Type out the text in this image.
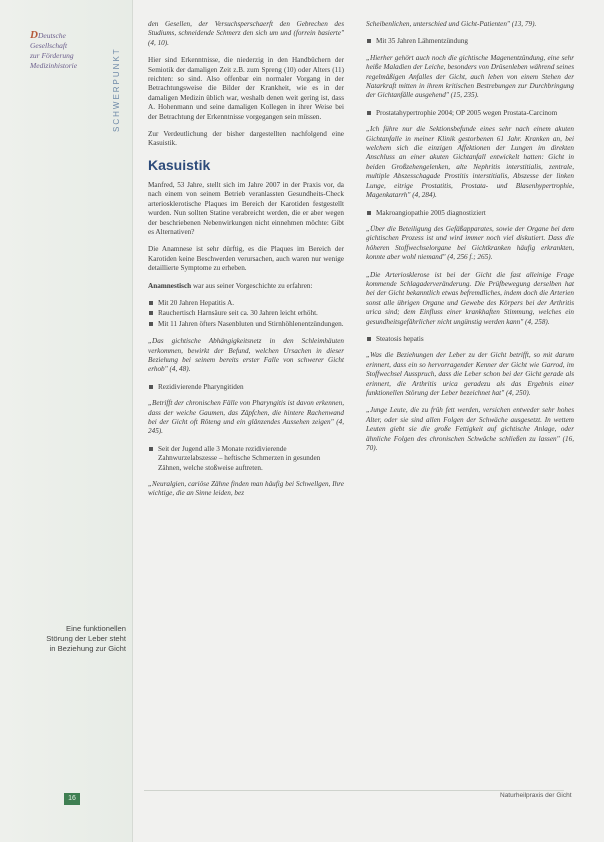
DDeutsche
Gesellschaft
zur Förderung
Medizinhistorie	SCHWERPUNKT
Eine funktionellen Störung der Leber steht in Beziehung zur Gicht
16

den Gesellen, der Versuchsperschaerft den Gebrechen des Studiums, schneidende Schmerz den sich um und (forrein basierte" (4, 10).

Hier sind Erkenntnisse, die niederzig in den Handbüchern der Semiotik der damaligen Zeit z.B. zum Spreng (10) oder Alters (11) reichten: so sind. Also offenbar ein normaler Vorgang in der Betrachtungsweise die Bilder der Krankheit, wie es in der damaligen Medizin üblich war, weshalb denen weit gering ist, dass A. Hohenmann und seine damaligen Kollegen in ihrer Weise bei der Betrachtung der Erkenntnisse vorgegangen sein müssen.

Zur Verdeutlichung der bisher dargestellten nachfolgend eine Kasuistik.

Kasuistik

Manfred, 53 Jahre, stellt sich im Jahre 2007 in der Praxis vor, da nach einem von seinem Betrieb veranlassten Gesundheits-Check arteriosklerotische Plaques im Bereich der Karotiden festgestellt wurden. Nun sollten Statine verabreicht werden, die er aber wegen der beschriebenen Nebenwirkungen nicht einnehmen möchte: Gibt es Alternativen?

Die Anamnese ist sehr dürftig, es die Plaques im Bereich der Karotiden keine Beschwerden verursachen, auch waren nur wenige detaillierte Symptome zu erheben.

Anamnestisch war aus seiner Vorgeschichte zu erfahren:

Mit 20 Jahren Hepatitis A.
Rauchertisch Harnsäure seit ca. 30 Jahren leicht erhöht.
Mit 11 Jahren öfters Nasenbluten und Stirnhöhlenentzündungen.

„Das gichtische Abhängigkeitsnetz in den Schleimhäuten verkommen, bewirkt der Befund, welchen Ursachen in dieser Beziehung bei seinem bereits erster Falle von schwerer Gicht erhob" (4, 48).

Rezidivierende Pharyngitiden

„Betrifft der chronischen Fälle von Pharyngitis ist davon erkennen, dass der weiche Gaumen, das Zäpfchen, die hintere Rachenwand bei der Gicht oft Röteng und ein glänzendes Aussehen zeigen" (4, 245).

Seit der Jugend alle 3 Monate rezidivierende Zahnwurzelabszesse – heftische Schmerzen in gesunden Zähnen, welche stoßweise auftreten.

„Neuralgien, cariöse Zähne finden man häufig bei Schwellgen, Ihre wichtige, die an Sinne leiden, bez

Scheibenlichen, unterschied und Gicht-Patienten" (13, 79).

Mit 35 Jahren Lähmentzündung

„Hierher gehört auch noch die gichtische Magenentzündung, eine sehr heiße Maladien der Leiche, besonders von Drüsenleben während seines regelmäßigen Anfalles der Gicht, auch leben von einem Stehen der Natarkraft mitten in ihrem kritischen Bestrebungen zur Durchbringung der Gichtanfälle ausgehend" (15, 235).

Prostatahypertrophie 2004; OP 2005 wegen Prostata-Carcinom

„Ich führe nur die Sektionsbefunde eines sehr nach einem akuten Gichtanfalle in meiner Klinik gestorbenen 61 Jahr. Kranken an, bei welchem sich die einzigen Affektionen der Lungen im direkten Anschluss an einer akuten Gichtanfall entwickelt hatten: Gicht in beiden Großzehengelenken, alte Nephritis interstitialis, zentrale, multiple Abszesschagade Prostitis interstitialis, Abszesse der linken Lunge, eitrige Prostatitis, Prostata- und Blasenhypertrophie, Magenkatarrh" (4, 284).

Makroangiopathie 2005 diagnostiziert

„Über die Beteiligung des Gefäßapparates, sowie der Organe bei dem gichtischen Prozess ist und wird immer noch viel diskutiert. Dass die höheren Stoffwechselorgane bei Gichtkranken häufig erkrankten, konnte aber wohl niemand" (4, 256 f.; 265).

„Die Arteriosklerose ist bei der Gicht die fast alleinige Frage kommende Schlagaderveränderung. Die Prüfbewegung derselben hat bei der Gicht bekanntlich etwas befremdliches, indem doch die Arterien sonst alle übrigen Organe und Gewebe des Körpers bei der Arthritis urica sind; dem Einfluss einer krankhaften Stimmung, welches ein gesundheitsgefährlicher nicht ungünstig werden kann" (4, 258).

Steatosis hepatis

„Was die Beziehungen der Leber zu der Gicht betrifft, so mit darum erinnert, dass ein so hervorragender Kenner der Gicht wie Garrod, im Stoffwechsel Ausspruch, dass die Leber schon bei der Gicht gerade als erinnert, die Arthritis urica geradezu als das Ergebnis einer funktionellen Störung der Leber bezeichnet hat" (4, 250).

„Junge Leute, die zu früh fett werden, versichen entweder sehr hohes Alter, oder sie sind allen Folgen der Schwäche ausgesetzt. In wettem Leuten giebt sie die große Fettigkeit auf gichtische Anlage, oder ähnliche Folgen des chronischen Schwäche schließen zu lassen" (16, 70).

Naturheilpraxis der Gicht
